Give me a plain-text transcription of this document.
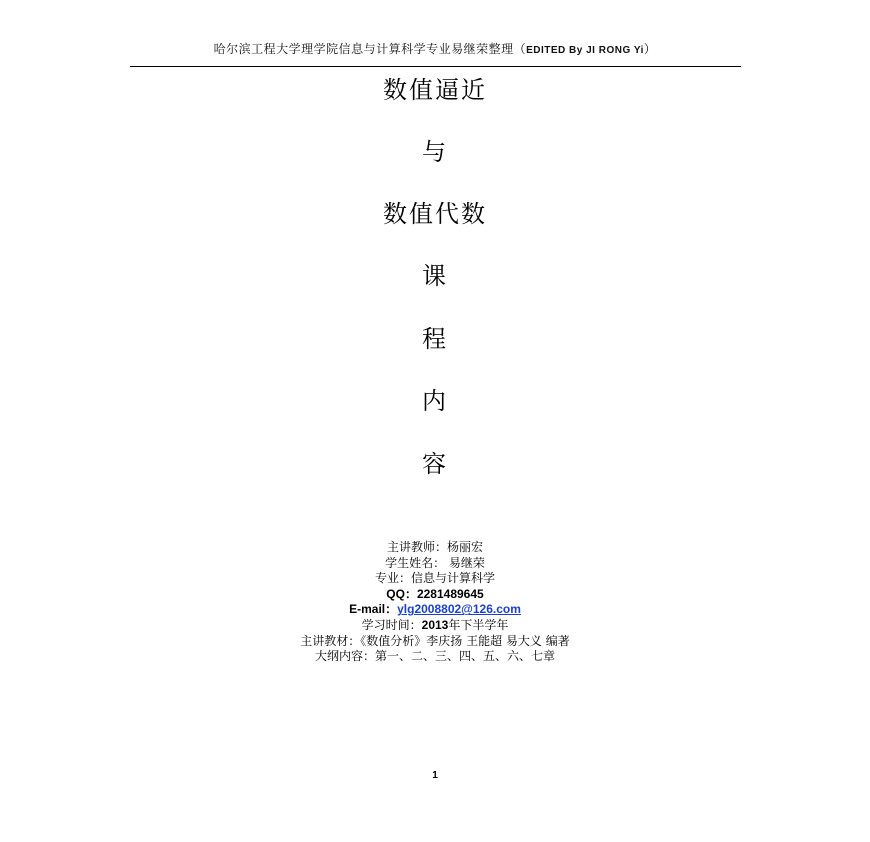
哈尔滨工程大学理学院信息与计算科学专业易继荣整理（EDITED By JI RONG Yi）
数值逼近
与
数值代数
课
程
内
容
主讲教师：杨丽宏
学生姓名： 易继荣
专业：信息与计算科学
QQ：2281489645
E-mail：ylg2008802@126.com
学习时间：2013年下半学年
主讲教材：《数值分析》李庆扬 王能超 易大义 编著
大纲内容：第一、二、三、四、五、六、七章
1
